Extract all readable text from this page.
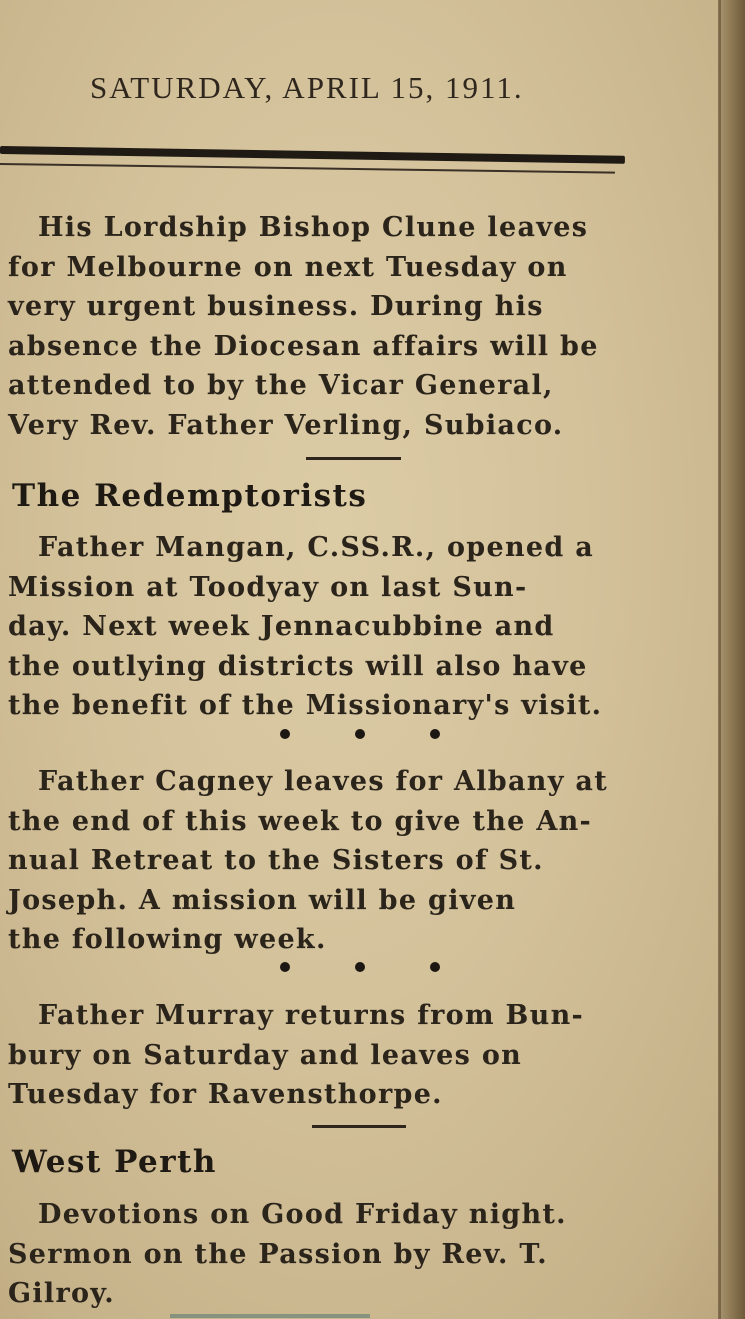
SATURDAY, APRIL 15, 1911.
His Lordship Bishop Clune leaves
for Melbourne on next Tuesday on
very urgent business. During his
absence the Diocesan affairs will be
attended to by the Vicar General,
Very Rev. Father Verling, Subiaco.
The Redemptorists
Father Mangan, C.SS.R., opened a
Mission at Toodyay on last Sun-
day. Next week Jennacubbine and
the outlying districts will also have
the benefit of the Missionary's visit.
Father Cagney leaves for Albany at
the end of this week to give the An-
nual Retreat to the Sisters of St.
Joseph. A mission will be given
the following week.
Father Murray returns from Bun-
bury on Saturday and leaves on
Tuesday for Ravensthorpe.
West Perth
Devotions on Good Friday night.
Sermon on the Passion by Rev. T.
Gilroy.
